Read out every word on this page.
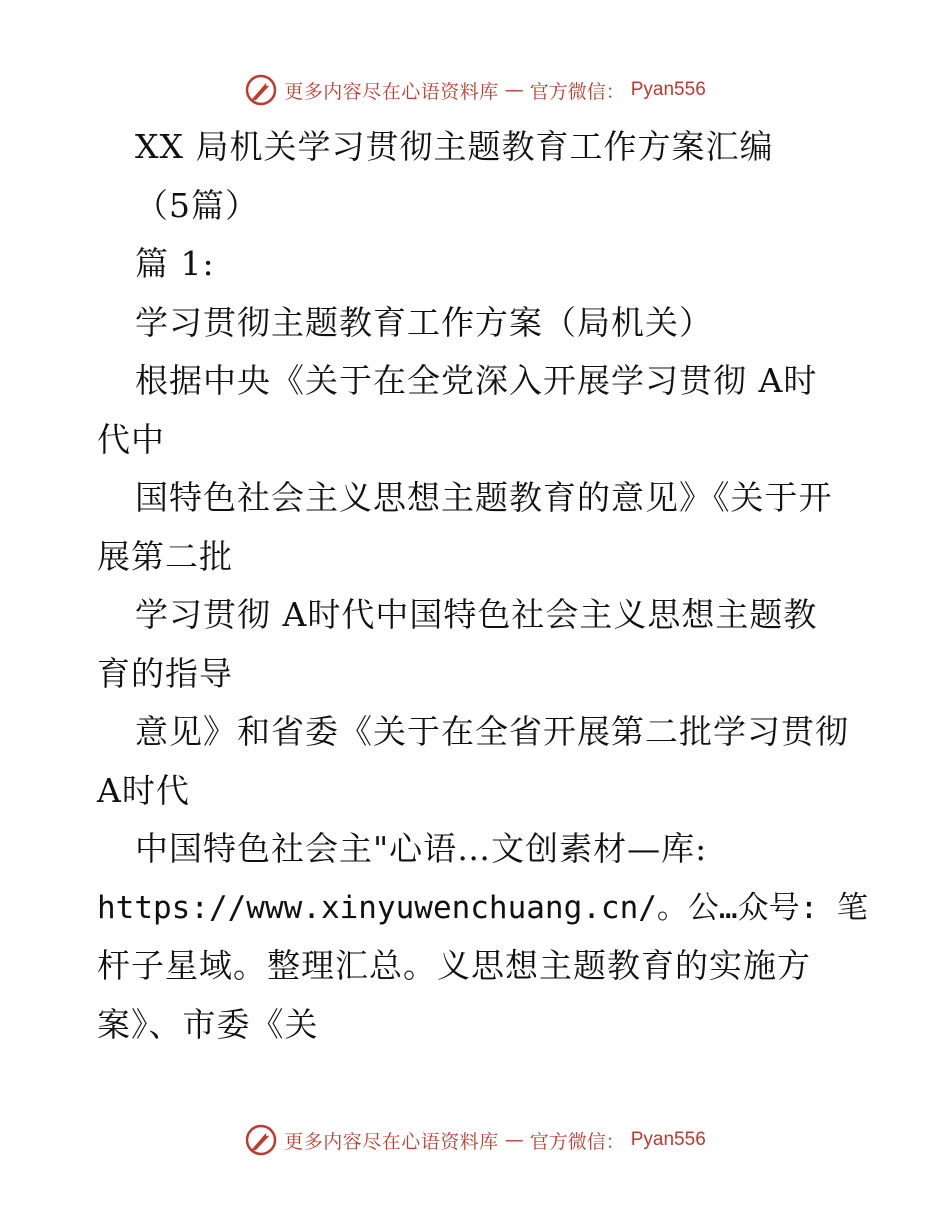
更多内容尽在心语资料库 — 官方微信： Pyan556
XX 局机关学习贯彻主题教育工作方案汇编
（5篇）
篇 1:
学习贯彻主题教育工作方案（局机关）
根据中央《关于在全党深入开展学习贯彻 A时
代中
国特色社会主义思想主题教育的意见》《关于开
展第二批
学习贯彻 A时代中国特色社会主义思想主题教
育的指导
意见》和省委《关于在全省开展第二批学习贯彻
A时代
中国特色社会主"心语…文创素材—库:
https://www.xinyuwenchuang.cn/。公…众号: 笔
杆子星域。整理汇总。义思想主题教育的实施方
案》、市委《关
更多内容尽在心语资料库 — 官方微信： Pyan556
